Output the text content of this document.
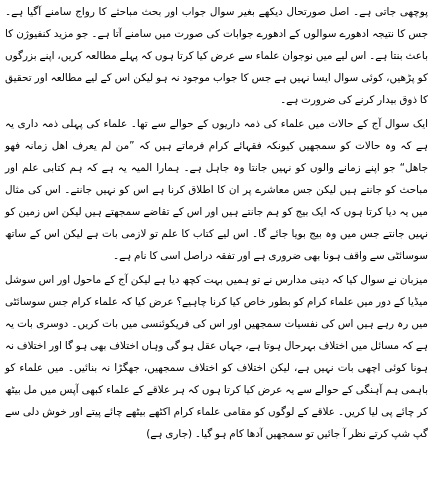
پوچھی جاتی ہے۔ اصل صورتحال دیکھے بغیر سوال جواب اور بحث مباحثے کا رواج سامنے آگیا ہے۔جس کا نتیجہ ادھورے سوالوں کے ادھورے جوابات کی صورت میں سامنے آتا ہے۔ جو مزید کنفیوژن کا باعث بنتا ہے۔ اس لیے میں نوجوان علماء سے عرض کیا کرتا ہوں کہ پہلے مطالعہ کریں، اپنے بزرگوں کو پڑھیں، کوئی سوال ایسا نہیں ہے جس کا جواب موجود نہ ہو لیکن اس کے لیے مطالعہ اور تحقیق کا ذوق بیدار کرنے کی ضرورت ہے۔

ایک سوال آج کے حالات میں علماء کی ذمہ داریوں کے حوالے سے تھا۔ علماء کی پہلی ذمہ داری یہ ہے کہ وہ حالات کو سمجھیں کیونکہ فقہائے کرام فرماتے ہیں کہ ”من لم یعرف اھل زمانہ فھو جاھل“ جو اپنے زمانے والوں کو نہیں جانتا وہ جاہل ہے۔ ہمارا المیہ یہ ہے کہ ہم کتابی علم اور مباحث کو جانتے ہیں لیکن جس معاشرے پر ان کا اطلاق کرنا ہے اس کو نہیں جانتے۔ اس کی مثال میں یہ دیا کرتا ہوں کہ ایک بیج کو ہم جانتے ہیں اور اس کے تقاضے سمجھتے ہیں لیکن اس زمین کو نہیں جانتے جس میں وہ بیج بویا جائے گا۔ اس لیے کتاب کا علم تو لازمی بات ہے لیکن اس کے ساتھ سوسائٹی سے واقف ہونا بھی ضروری ہے اور تفقہ دراصل اسی کا نام ہے۔

میزبان نے سوال کیا کہ دینی مدارس نے تو ہمیں بہت کچھ دیا ہے لیکن آج کے ماحول اور اس سوشل میڈیا کے دور میں علماء کرام کو بطور خاص کیا کرنا چاہیے؟ عرض کیا کہ علماء کرام جس سوسائٹی میں رہ رہے ہیں اس کی نفسیات سمجھیں اور اس کی فریکوئنسی میں بات کریں۔ دوسری بات یہ ہے کہ مسائل میں اختلاف بہرحال ہوتا ہے، جہاں عقل ہو گی وہاں اختلاف بھی ہو گا اور اختلاف نہ ہونا کوئی اچھی بات نہیں ہے، لیکن اختلاف کو اختلاف سمجھیں، جھگڑا نہ بنائیں۔ میں علماء کو باہمی ہم آہنگی کے حوالے سے یہ عرض کیا کرتا ہوں کہ ہر علاقے کے علماء کبھی آپس میں مل بیٹھ کر چائے پی لیا کریں۔ علاقے کے لوگوں کو مقامی علماء کرام اکٹھے بیٹھے چائے پیتے اور خوش دلی سے گپ شپ کرتے نظر آ جائیں تو سمجھیں آدھا کام ہو گیا۔ (جاری ہے)
